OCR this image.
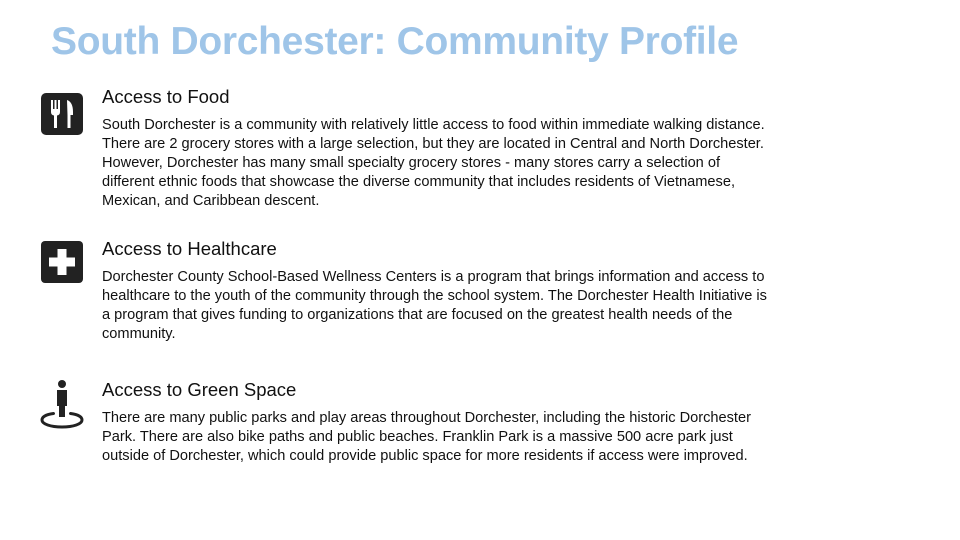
South Dorchester: Community Profile
Access to Food

South Dorchester is a community with relatively little access to food within immediate walking distance. There are 2 grocery stores with a large selection, but they are located in Central and North Dorchester. However, Dorchester has many small specialty grocery stores - many stores carry a selection of different ethnic foods that showcase the diverse community that includes residents of Vietnamese, Mexican, and Caribbean descent.

Access to Healthcare

Dorchester County School-Based Wellness Centers is a program that brings information and access to healthcare to the youth of the community through the school system. The Dorchester Health Initiative is a program that gives funding to organizations that are focused on the greatest health needs of the community.

Access to Green Space

There are many public parks and play areas throughout Dorchester, including the historic Dorchester Park. There are also bike paths and public beaches. Franklin Park is a massive 500 acre park just outside of Dorchester, which could provide public space for more residents if access were improved.
